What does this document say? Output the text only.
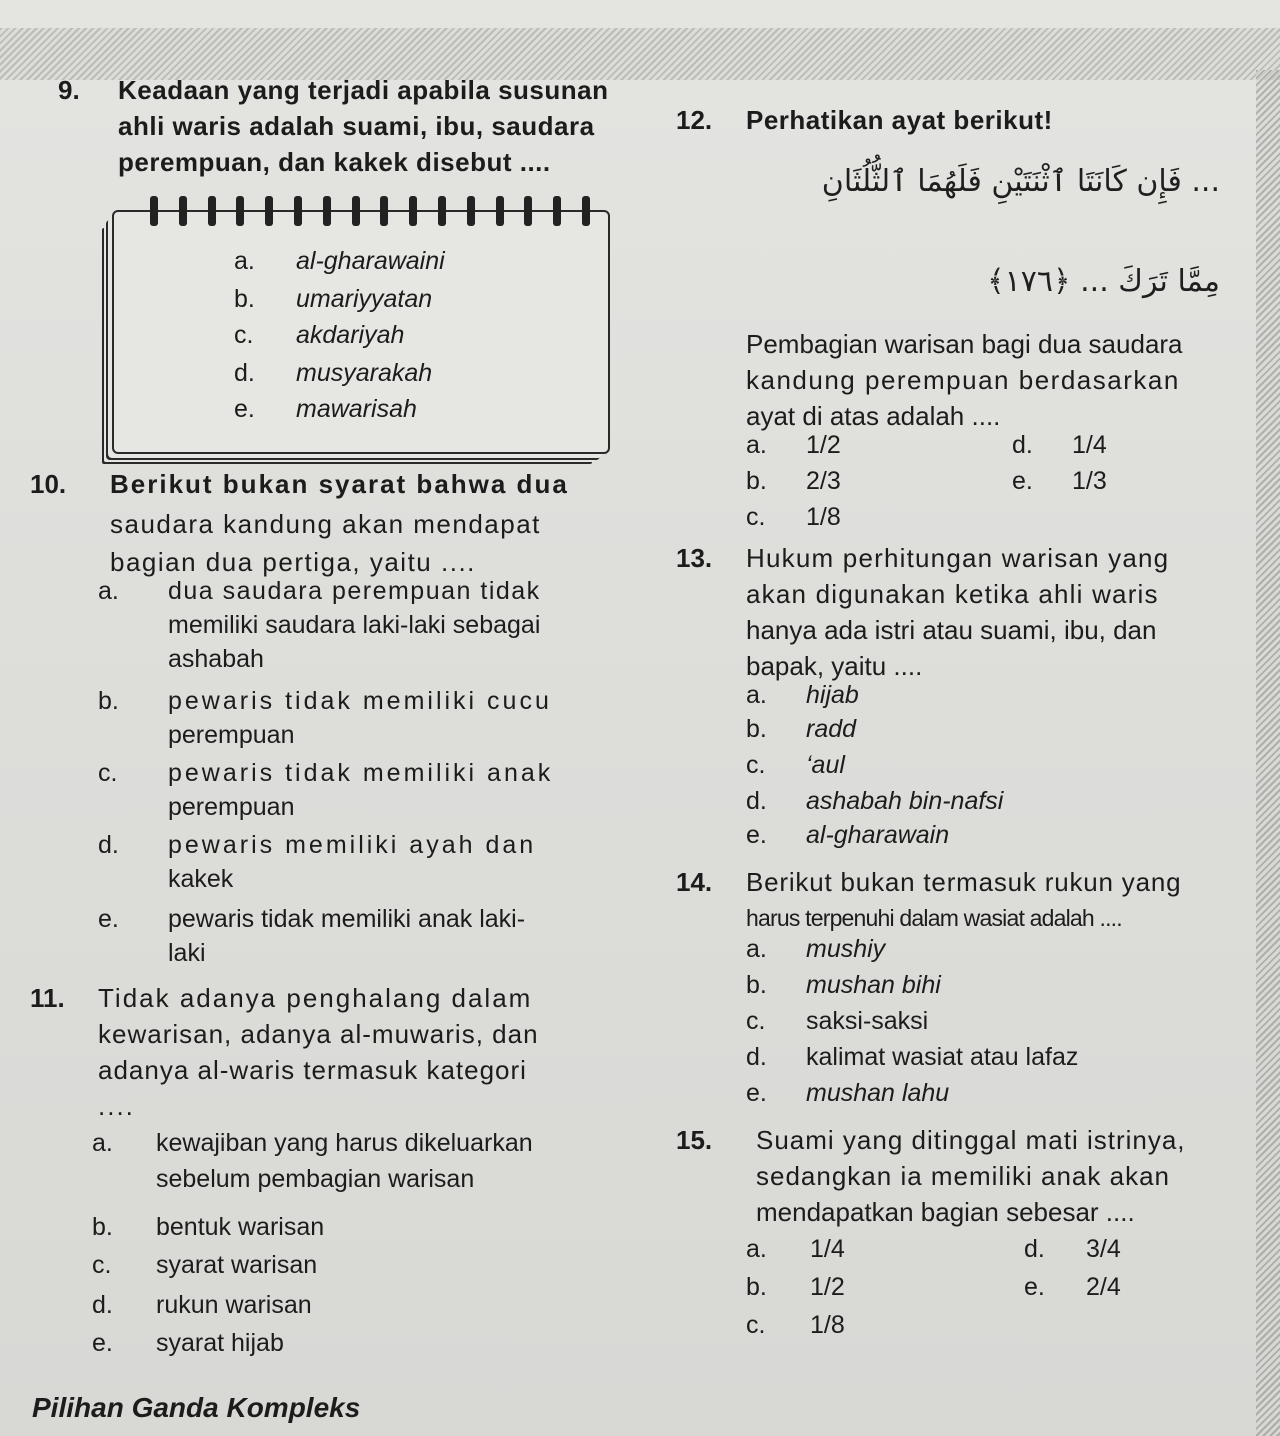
9. Keadaan yang terjadi apabila susunan
ahli waris adalah suami, ibu, saudara
perempuan, dan kakek disebut ....
a. al-gharawaini
b. umariyyatan
c. akdariyah
d. musyarakah
e. mawarisah
10. Berikut bukan syarat bahwa dua
saudara kandung akan mendapat
bagian dua pertiga, yaitu ....
a. dua saudara perempuan tidak
memiliki saudara laki-laki sebagai
ashabah
b. pewaris tidak memiliki cucu
perempuan
c. pewaris tidak memiliki anak
perempuan
d. pewaris memiliki ayah dan
kakek
e. pewaris tidak memiliki anak laki-
laki
11. Tidak adanya penghalang dalam
kewarisan, adanya al-muwaris, dan
adanya al-waris termasuk kategori
....
a. kewajiban yang harus dikeluarkan
sebelum pembagian warisan
b. bentuk warisan
c. syarat warisan
d. rukun warisan
e. syarat hijab
Pilihan Ganda Kompleks
12. Perhatikan ayat berikut!
... فَإِن كَانَتَا ٱثْنَتَيْنِ فَلَهُمَا ٱلثُّلُثَانِ
مِمَّا تَرَكَ ... ﴿١٧٦﴾
Pembagian warisan bagi dua saudara
kandung perempuan berdasarkan
ayat di atas adalah ....
a. 1/2
b. 2/3
c. 1/8
d. 1/4
e. 1/3
13. Hukum perhitungan warisan yang
akan digunakan ketika ahli waris
hanya ada istri atau suami, ibu, dan
bapak, yaitu ....
a. hijab
b. radd
c. ‘aul
d. ashabah bin-nafsi
e. al-gharawain
14. Berikut bukan termasuk rukun yang
harus terpenuhi dalam wasiat adalah ....
a. mushiy
b. mushan bihi
c. saksi-saksi
d. kalimat wasiat atau lafaz
e. mushan lahu
15. Suami yang ditinggal mati istrinya,
sedangkan ia memiliki anak akan
mendapatkan bagian sebesar ....
a. 1/4
b. 1/2
c. 1/8
d. 3/4
e. 2/4
